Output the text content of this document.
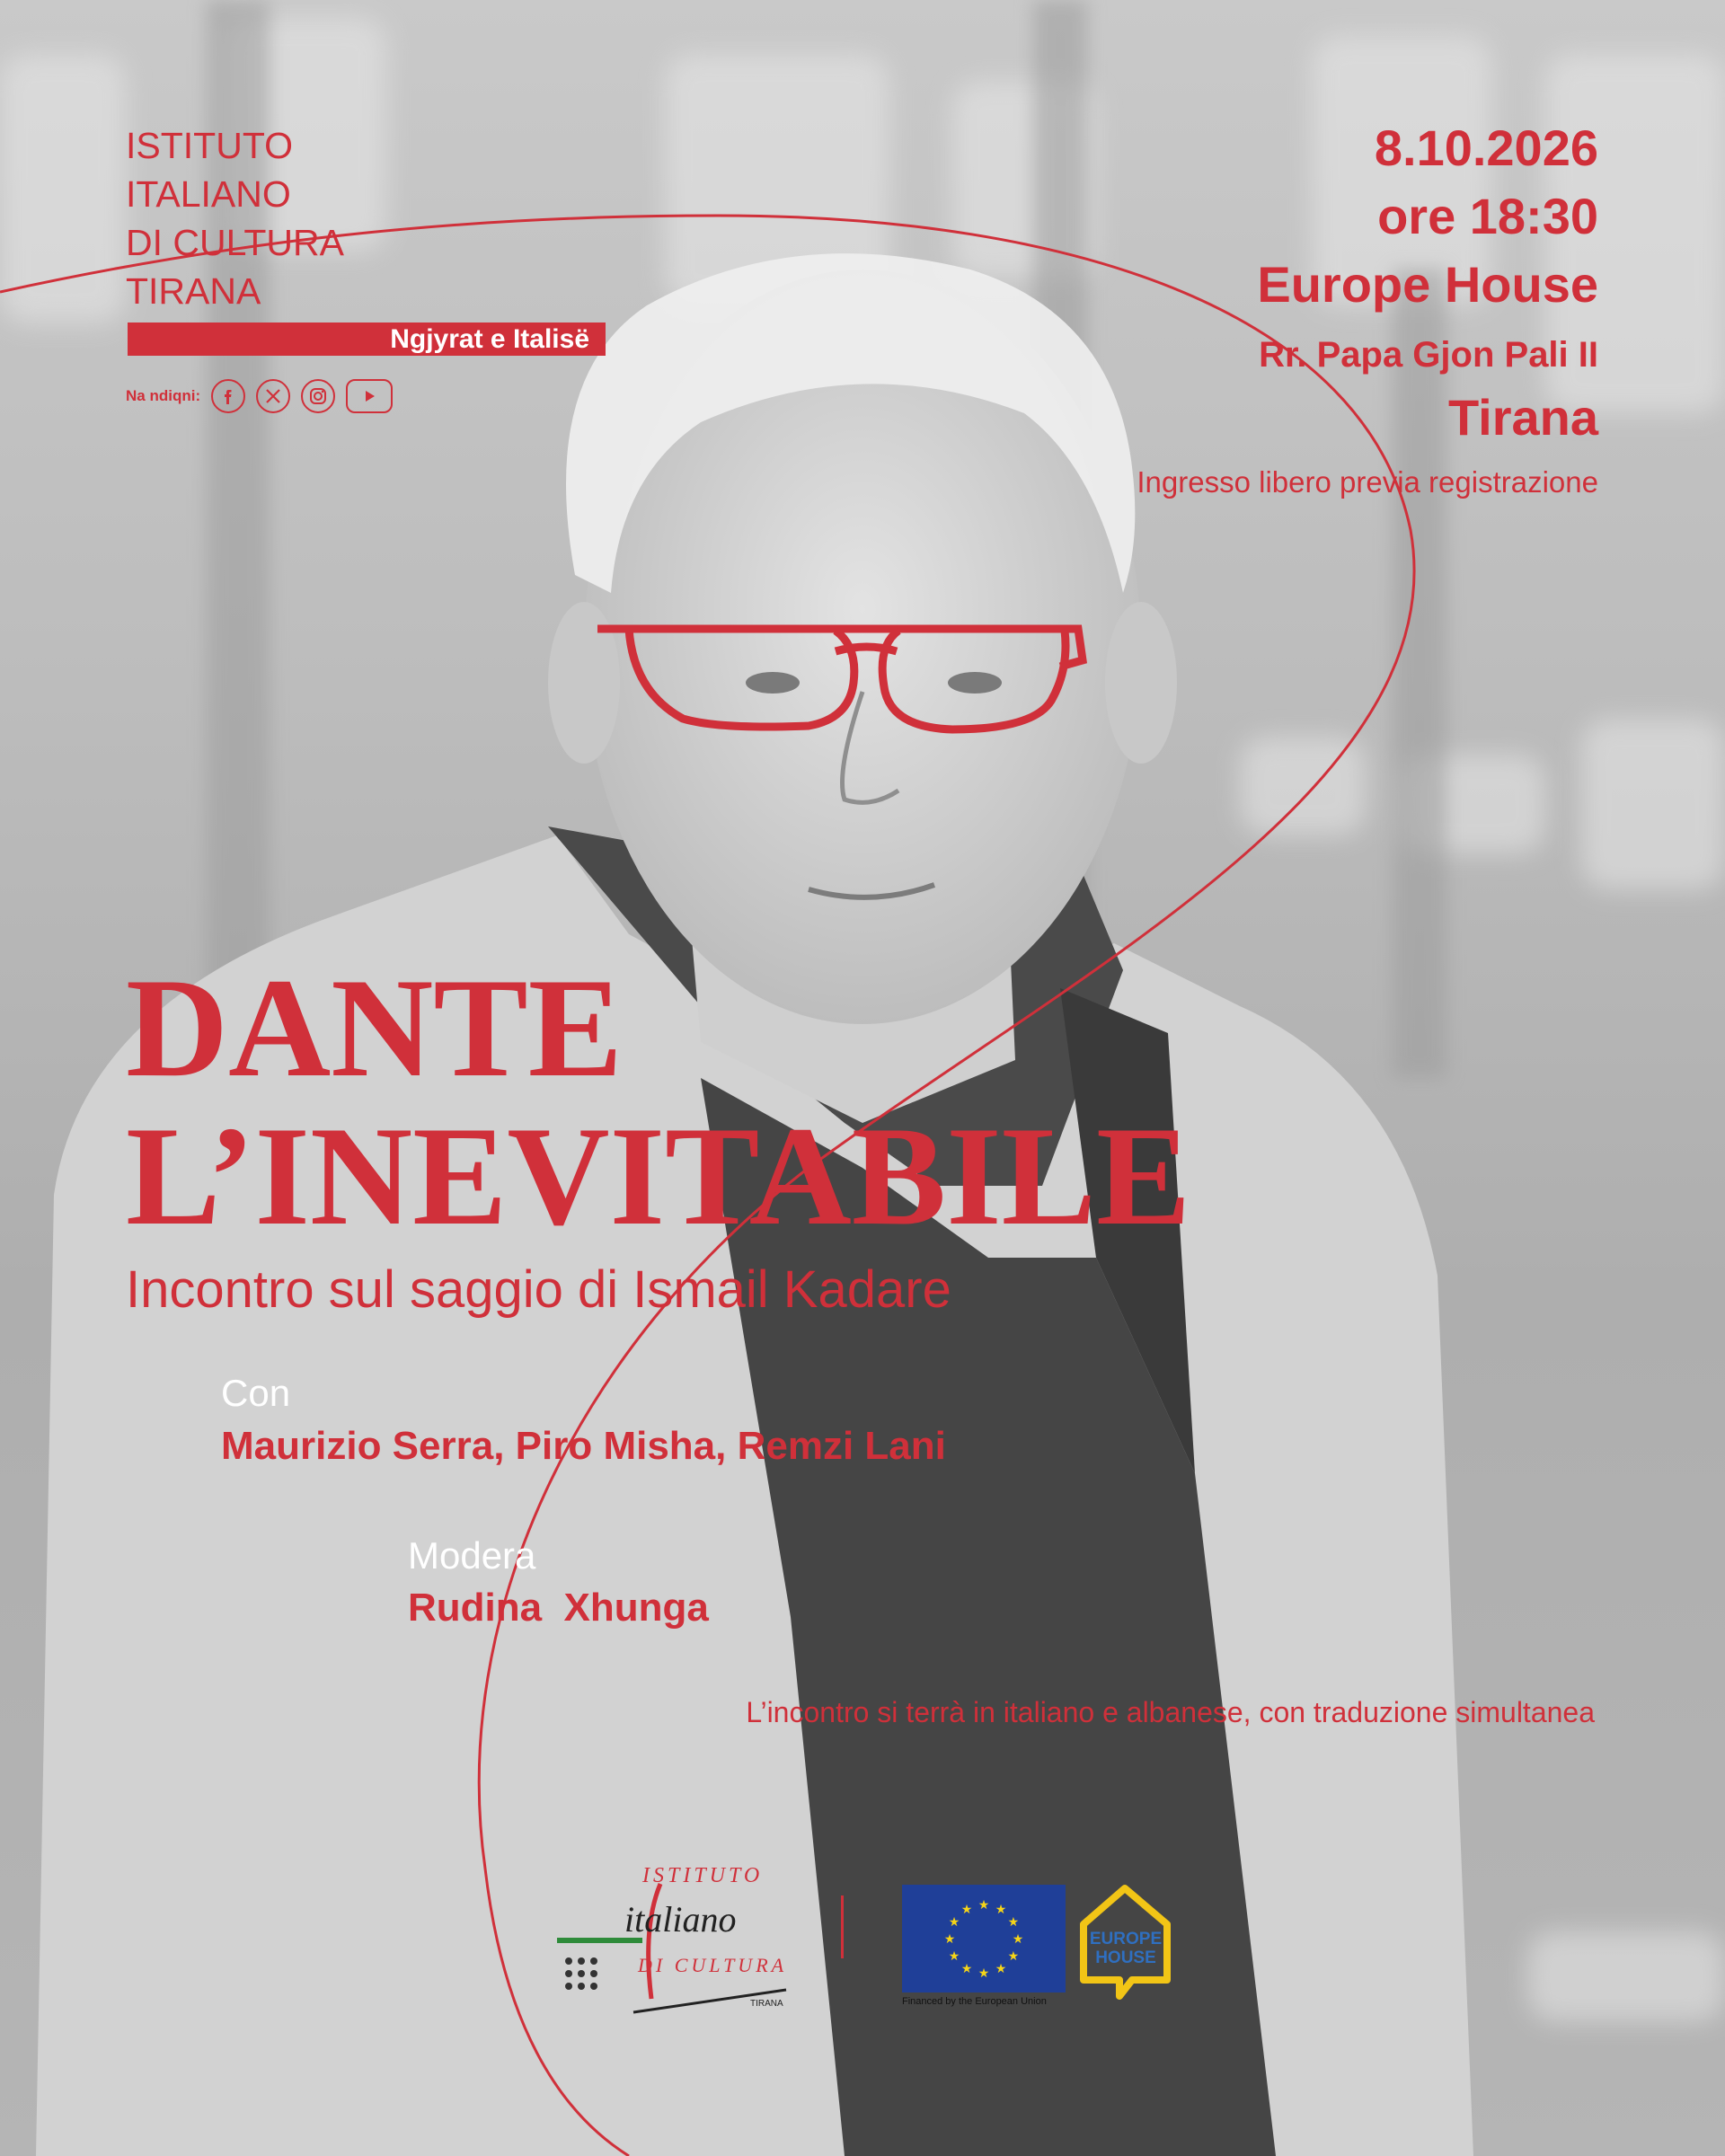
ISTITUTO
ITALIANO
DI CULTURA
TIRANA
Ngjyrat e Italisë
Na ndiqni:
8.10.2026
ore 18:30
Europe House
Rr. Papa Gjon Pali II
Tirana
Ingresso libero previa registrazione
DANTE
L’INEVITABILE
Incontro sul saggio di Ismail Kadare
Con
Maurizio Serra, Piro Misha, Remzi Lani
Modera
Rudina  Xhunga
L’incontro si terrà in italiano e albanese, con traduzione simultanea
ISTITUTO
italiano
DI CULTURA
TIRANA
★ ★
★
★
★
★
★
★
★
★
★
★
Financed by the European Union
EUROPE
HOUSE
